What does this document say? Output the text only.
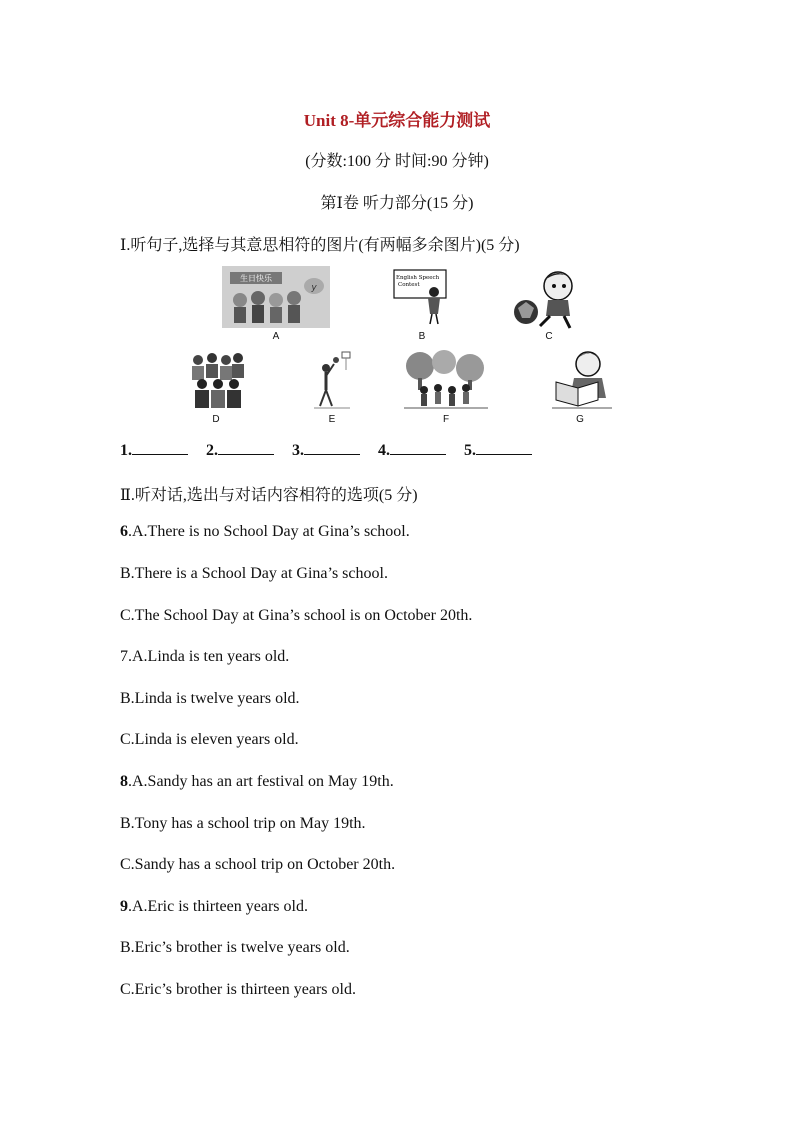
Unit 8-单元综合能力测试
(分数:100 分 时间:90 分钟)
第Ⅰ卷 听力部分(15 分)
Ⅰ.听句子,选择与其意思相符的图片(有两幅多余图片)(5 分)
生日快乐
y
A
English Speech
Contest
B	C
D	E	F	G
1.	2.	3.	4.	5.
Ⅱ.听对话,选出与对话内容相符的选项(5 分)
6.A.There is no School Day at Gina’s school.
B.There is a School Day at Gina’s school.
C.The School Day at Gina’s school is on October 20th.
7.A.Linda is ten years old.
B.Linda is twelve years old.
C.Linda is eleven years old.
8.A.Sandy has an art festival on May 19th.
B.Tony has a school trip on May 19th.
C.Sandy has a school trip on October 20th.
9.A.Eric is thirteen years old.
B.Eric’s brother is twelve years old.
C.Eric’s brother is thirteen years old.
